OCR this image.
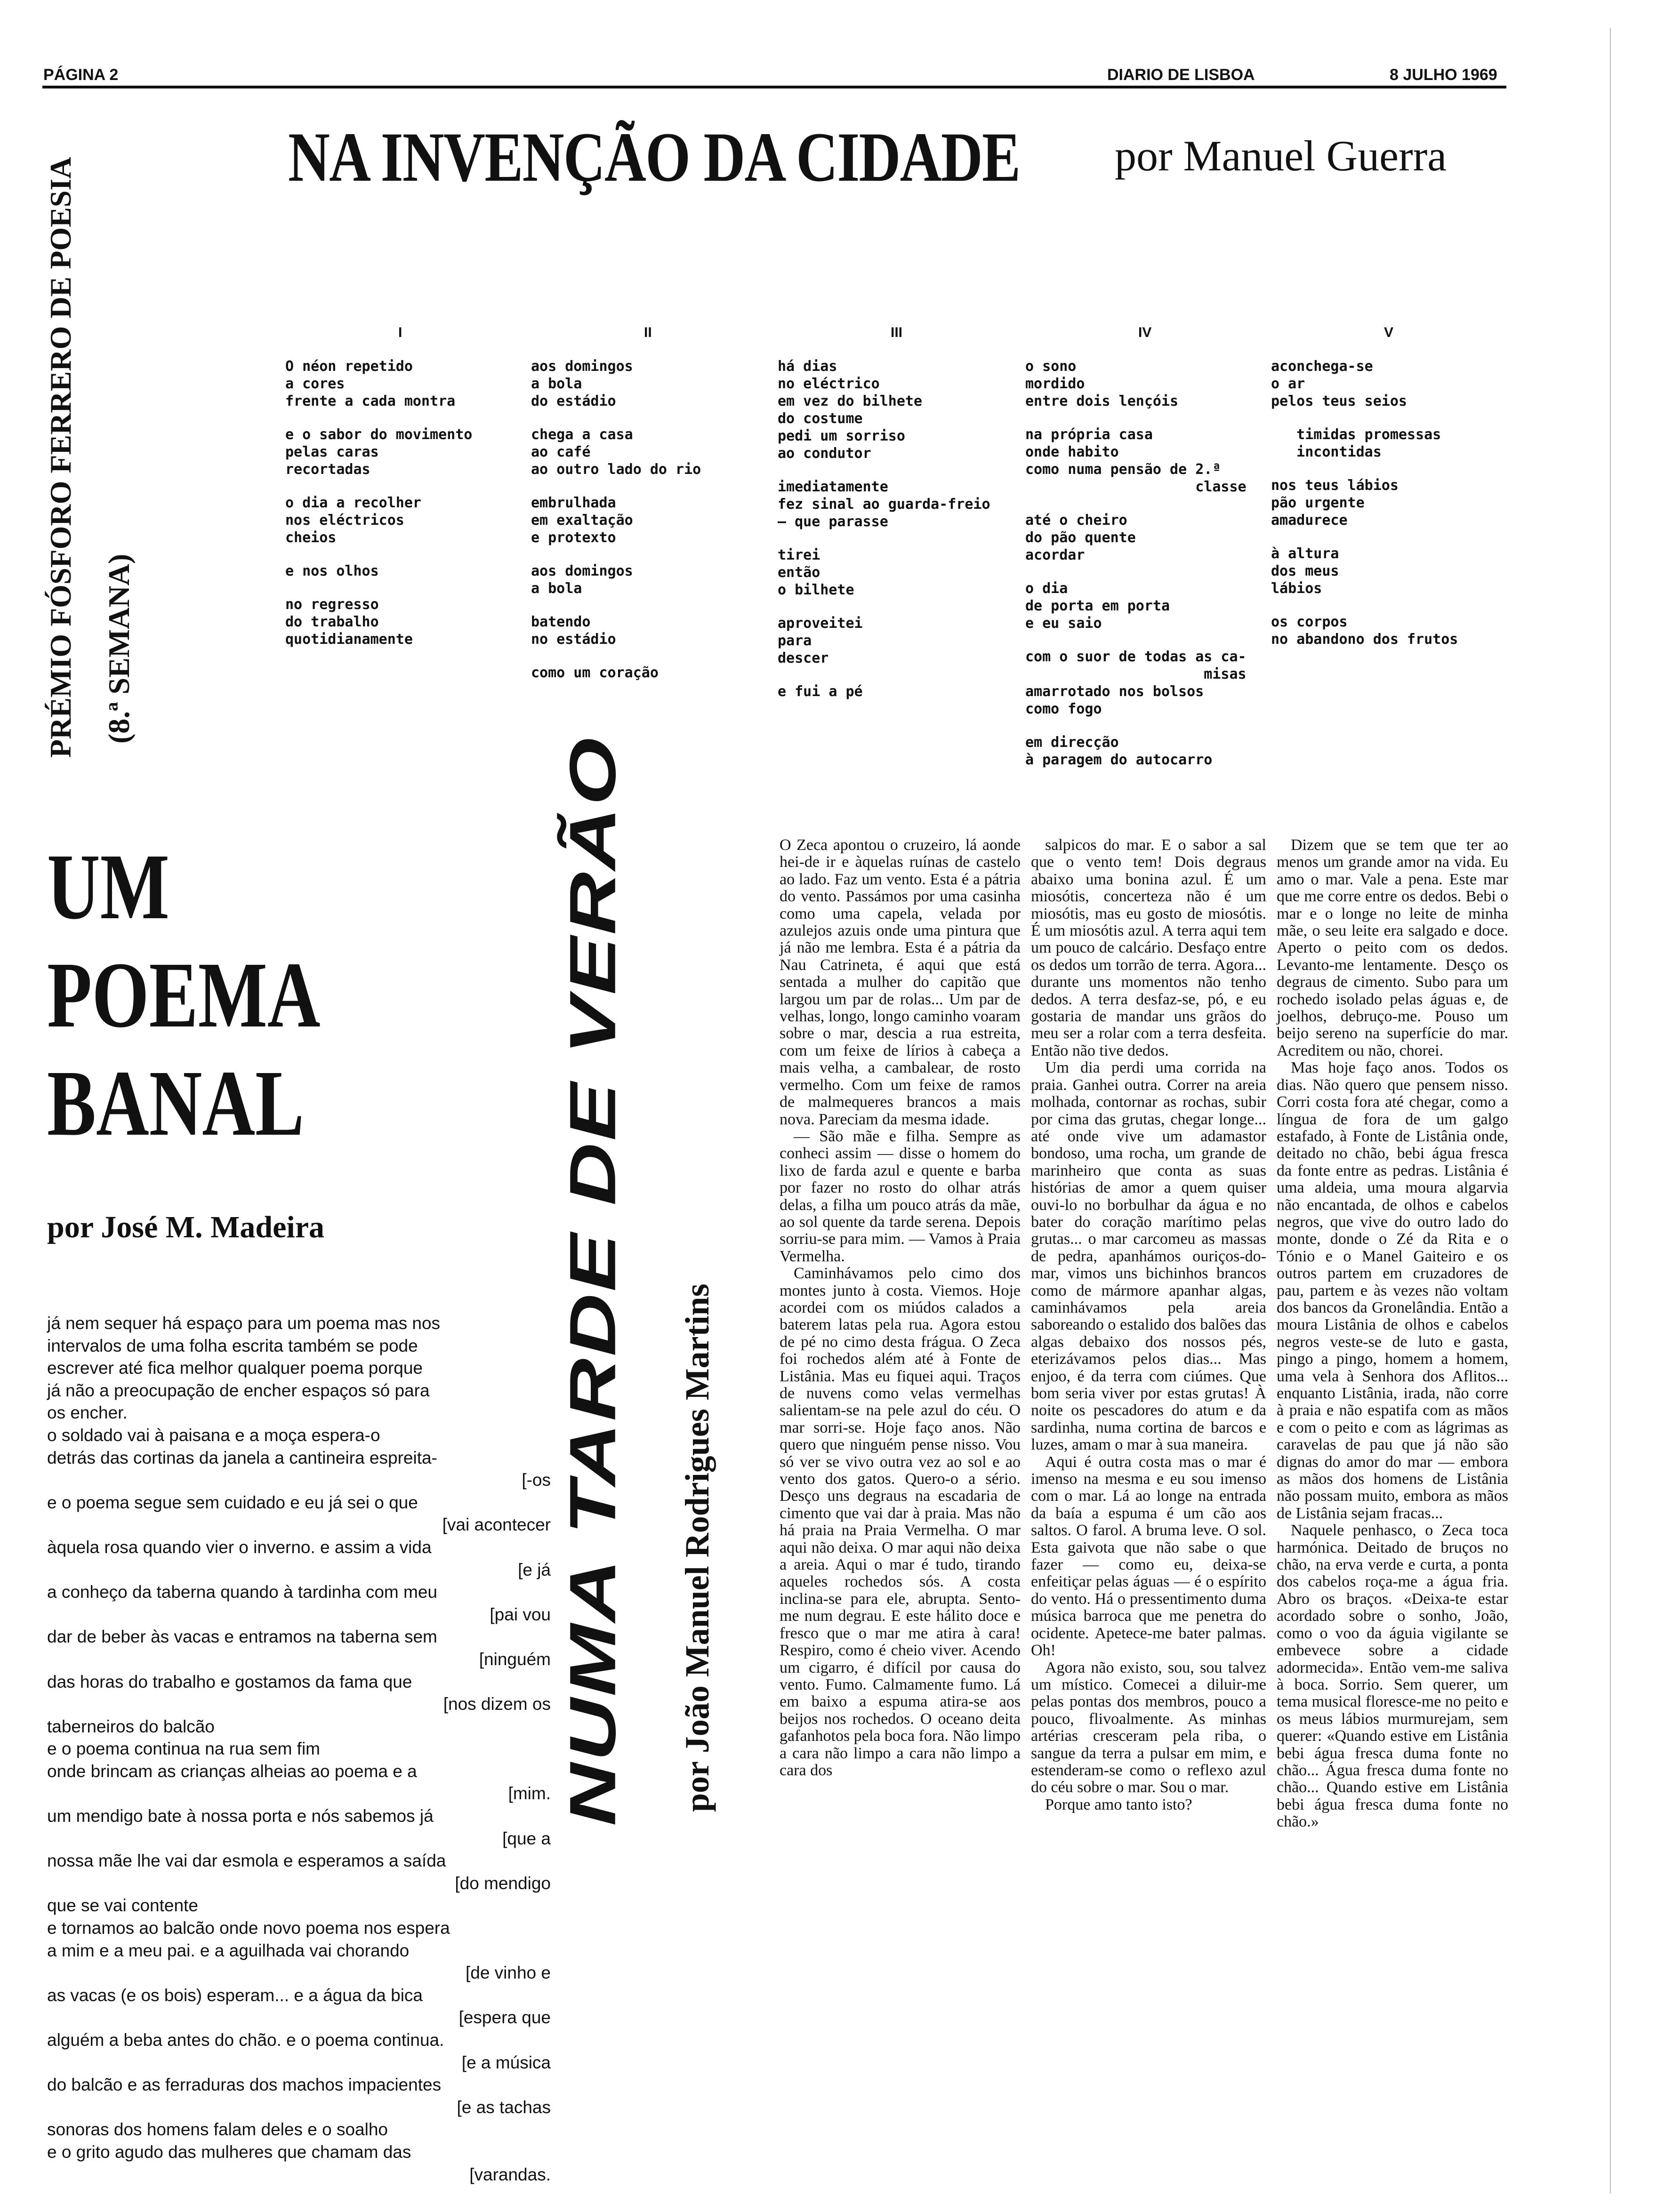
PÁGINA 2	DIARIO DE LISBOA	8 JULHO 1969
NA INVENÇÃO DA CIDADE por Manuel Guerra
PRÉMIO FÓSFORO FERRERO DE POESIA (8.ª SEMANA)
I

O néon repetido
a cores
frente a cada montra

e o sabor do movimento
pelas caras
recortadas

o dia a recolher
nos eléctricos
cheios

e nos olhos

no regresso
do trabalho
quotidianamente

II

aos domingos
a bola
do estádio

chega a casa
ao café
ao outro lado do rio

embrulhada
em exaltação
e protexto

aos domingos
a bola

batendo
no estádio

como um coração

III

há dias
no eléctrico
em vez do bilhete
do costume
pedi um sorriso
ao condutor

imediatamente
fez sinal ao guarda-freio
— que parasse

tirei
então
o bilhete

aproveitei
para
descer

e fui a pé

IV

o sono
mordido
entre dois lençóis

na própria casa
onde habito
como numa pensão de 2.ª
classe

até o cheiro
do pão quente
acordar

o dia
de porta em porta
e eu saio

com o suor de todas as ca-
misas
amarrotado nos bolsos
como fogo

em direcção
à paragem do autocarro

V

aconchega-se
o ar
pelos teus seios

timidas promessas
incontidas

nos teus lábios
pão urgente
amadurece

à altura
dos meus
lábios

os corpos
no abandono dos frutos

UM
POEMA
BANAL
por José M. Madeira
já nem sequer há espaço para um poema mas nos
intervalos de uma folha escrita também se pode
escrever até fica melhor qualquer poema porque
já não a preocupação de encher espaços só para
os encher.
o soldado vai à paisana e a moça espera-o
detrás das cortinas da janela a cantineira espreita-
[-os
e o poema segue sem cuidado e eu já sei o que
[vai acontecer
àquela rosa quando vier o inverno. e assim a vida
[e já
a conheço da taberna quando à tardinha com meu
[pai vou
dar de beber às vacas e entramos na taberna sem
[ninguém
das horas do trabalho e gostamos da fama que
[nos dizem os
taberneiros do balcão
e o poema continua na rua sem fim
onde brincam as crianças alheias ao poema e a
[mim.
um mendigo bate à nossa porta e nós sabemos já
[que a
nossa mãe lhe vai dar esmola e esperamos a saída
[do mendigo
que se vai contente
e tornamos ao balcão onde novo poema nos espera
a mim e a meu pai. e a aguilhada vai chorando
[de vinho e
as vacas (e os bois) esperam... e a água da bica
[espera que
alguém a beba antes do chão. e o poema continua.
[e a música
do balcão e as ferraduras dos machos impacientes
[e as tachas
sonoras dos homens falam deles e o soalho
e o grito agudo das mulheres que chamam das
[varandas.
NUMA TARDE DE VERÃO por João Manuel Rodrigues Martins

O Zeca apontou o cruzeiro, lá aonde hei-de ir e àquelas ruínas de castelo ao lado. Faz um vento. Esta é a pátria do vento. Passámos por uma casinha como uma capela, velada por azulejos azuis onde uma pintura que já não me lembra. Esta é a pátria da Nau Catrineta, é aqui que está sentada a mulher do capitão que largou um par de rolas... Um par de velhas, longo, longo caminho voaram sobre o mar, descia a rua estreita, com um feixe de lírios à cabeça a mais velha, a cambalear, de rosto vermelho. Com um feixe de ramos de malmequeres brancos a mais nova. Pareciam da mesma idade.

— São mãe e filha. Sempre as conheci assim — disse o homem do lixo de farda azul e quente e barba por fazer no rosto do olhar atrás delas, a filha um pouco atrás da mãe, ao sol quente da tarde serena. Depois sorriu-se para mim. — Vamos à Praia Vermelha.

Caminhávamos pelo cimo dos montes junto à costa. Viemos. Hoje acordei com os miúdos calados a baterem latas pela rua. Agora estou de pé no cimo desta frágua. O Zeca foi rochedos além até à Fonte de Listânia. Mas eu fiquei aqui. Traços de nuvens como velas vermelhas salientam-se na pele azul do céu. O mar sorri-se. Hoje faço anos. Não quero que ninguém pense nisso. Vou só ver se vivo outra vez ao sol e ao vento dos gatos. Quero-o a sério. Desço uns degraus na escadaria de cimento que vai dar à praia. Mas não há praia na Praia Vermelha. O mar aqui não deixa. O mar aqui não deixa a areia. Aqui o mar é tudo, tirando aqueles rochedos sós. A costa inclina-se para ele, abrupta. Sento-me num degrau. E este hálito doce e fresco que o mar me atira à cara! Respiro, como é cheio viver. Acendo um cigarro, é difícil por causa do vento. Fumo. Calmamente fumo. Lá em baixo a espuma atira-se aos beijos nos rochedos. O oceano deita gafanhotos pela boca fora. Não limpo a cara não limpo a cara não limpo a cara dos

salpicos do mar. E o sabor a sal que o vento tem! Dois degraus abaixo uma bonina azul. É um miosótis, concerteza não é um miosótis, mas eu gosto de miosótis. É um miosótis azul. A terra aqui tem um pouco de calcário. Desfaço entre os dedos um torrão de terra. Agora... durante uns momentos não tenho dedos. A terra desfaz-se, pó, e eu gostaria de mandar uns grãos do meu ser a rolar com a terra desfeita. Então não tive dedos.

Um dia perdi uma corrida na praia. Ganhei outra. Correr na areia molhada, contornar as rochas, subir por cima das grutas, chegar longe... até onde vive um adamastor bondoso, uma rocha, um grande de marinheiro que conta as suas histórias de amor a quem quiser ouvi-lo no borbulhar da água e no bater do coração marítimo pelas grutas... o mar carcomeu as massas de pedra, apanhámos ouriços-do-mar, vimos uns bichinhos brancos como de mármore apanhar algas, caminhávamos pela areia saboreando o estalido dos balões das algas debaixo dos nossos pés, eterizávamos pelos dias... Mas enjoo, é da terra com ciúmes. Que bom seria viver por estas grutas! À noite os pescadores do atum e da sardinha, numa cortina de barcos e luzes, amam o mar à sua maneira.

Aqui é outra costa mas o mar é imenso na mesma e eu sou imenso com o mar. Lá ao longe na entrada da baía a espuma é um cão aos saltos. O farol. A bruma leve. O sol. Esta gaivota que não sabe o que fazer — como eu, deixa-se enfeitiçar pelas águas — é o espírito do vento. Há o pressentimento duma música barroca que me penetra do ocidente. Apetece-me bater palmas. Oh!

Agora não existo, sou, sou talvez um místico. Comecei a diluir-me pelas pontas dos membros, pouco a pouco, flivoalmente. As minhas artérias cresceram pela riba, o sangue da terra a pulsar em mim, e estenderam-se como o reflexo azul do céu sobre o mar. Sou o mar.

Porque amo tanto isto?

Dizem que se tem que ter ao menos um grande amor na vida. Eu amo o mar. Vale a pena. Este mar que me corre entre os dedos. Bebi o mar e o longe no leite de minha mãe, o seu leite era salgado e doce. Aperto o peito com os dedos. Levanto-me lentamente. Desço os degraus de cimento. Subo para um rochedo isolado pelas águas e, de joelhos, debruço-me. Pouso um beijo sereno na superfície do mar. Acreditem ou não, chorei.

Mas hoje faço anos. Todos os dias. Não quero que pensem nisso. Corri costa fora até chegar, como a língua de fora de um galgo estafado, à Fonte de Listânia onde, deitado no chão, bebi água fresca da fonte entre as pedras. Listânia é uma aldeia, uma moura algarvia não encantada, de olhos e cabelos negros, que vive do outro lado do monte, donde o Zé da Rita e o Tónio e o Manel Gaiteiro e os outros partem em cruzadores de pau, partem e às vezes não voltam dos bancos da Gronelândia. Então a moura Listânia de olhos e cabelos negros veste-se de luto e gasta, pingo a pingo, homem a homem, uma vela à Senhora dos Aflitos... enquanto Listânia, irada, não corre à praia e não espatifa com as mãos e com o peito e com as lágrimas as caravelas de pau que já não são dignas do amor do mar — embora as mãos dos homens de Listânia não possam muito, embora as mãos de Listânia sejam fracas...

Naquele penhasco, o Zeca toca harmónica. Deitado de bruços no chão, na erva verde e curta, a ponta dos cabelos roça-me a água fria. Abro os braços. «Deixa-te estar acordado sobre o sonho, João, como o voo da águia vigilante se embevece sobre a cidade adormecida». Então vem-me saliva à boca. Sorrio. Sem querer, um tema musical floresce-me no peito e os meus lábios murmurejam, sem querer: «Quando estive em Listânia bebi água fresca duma fonte no chão... Água fresca duma fonte no chão... Quando estive em Listânia bebi água fresca duma fonte no chão.»
